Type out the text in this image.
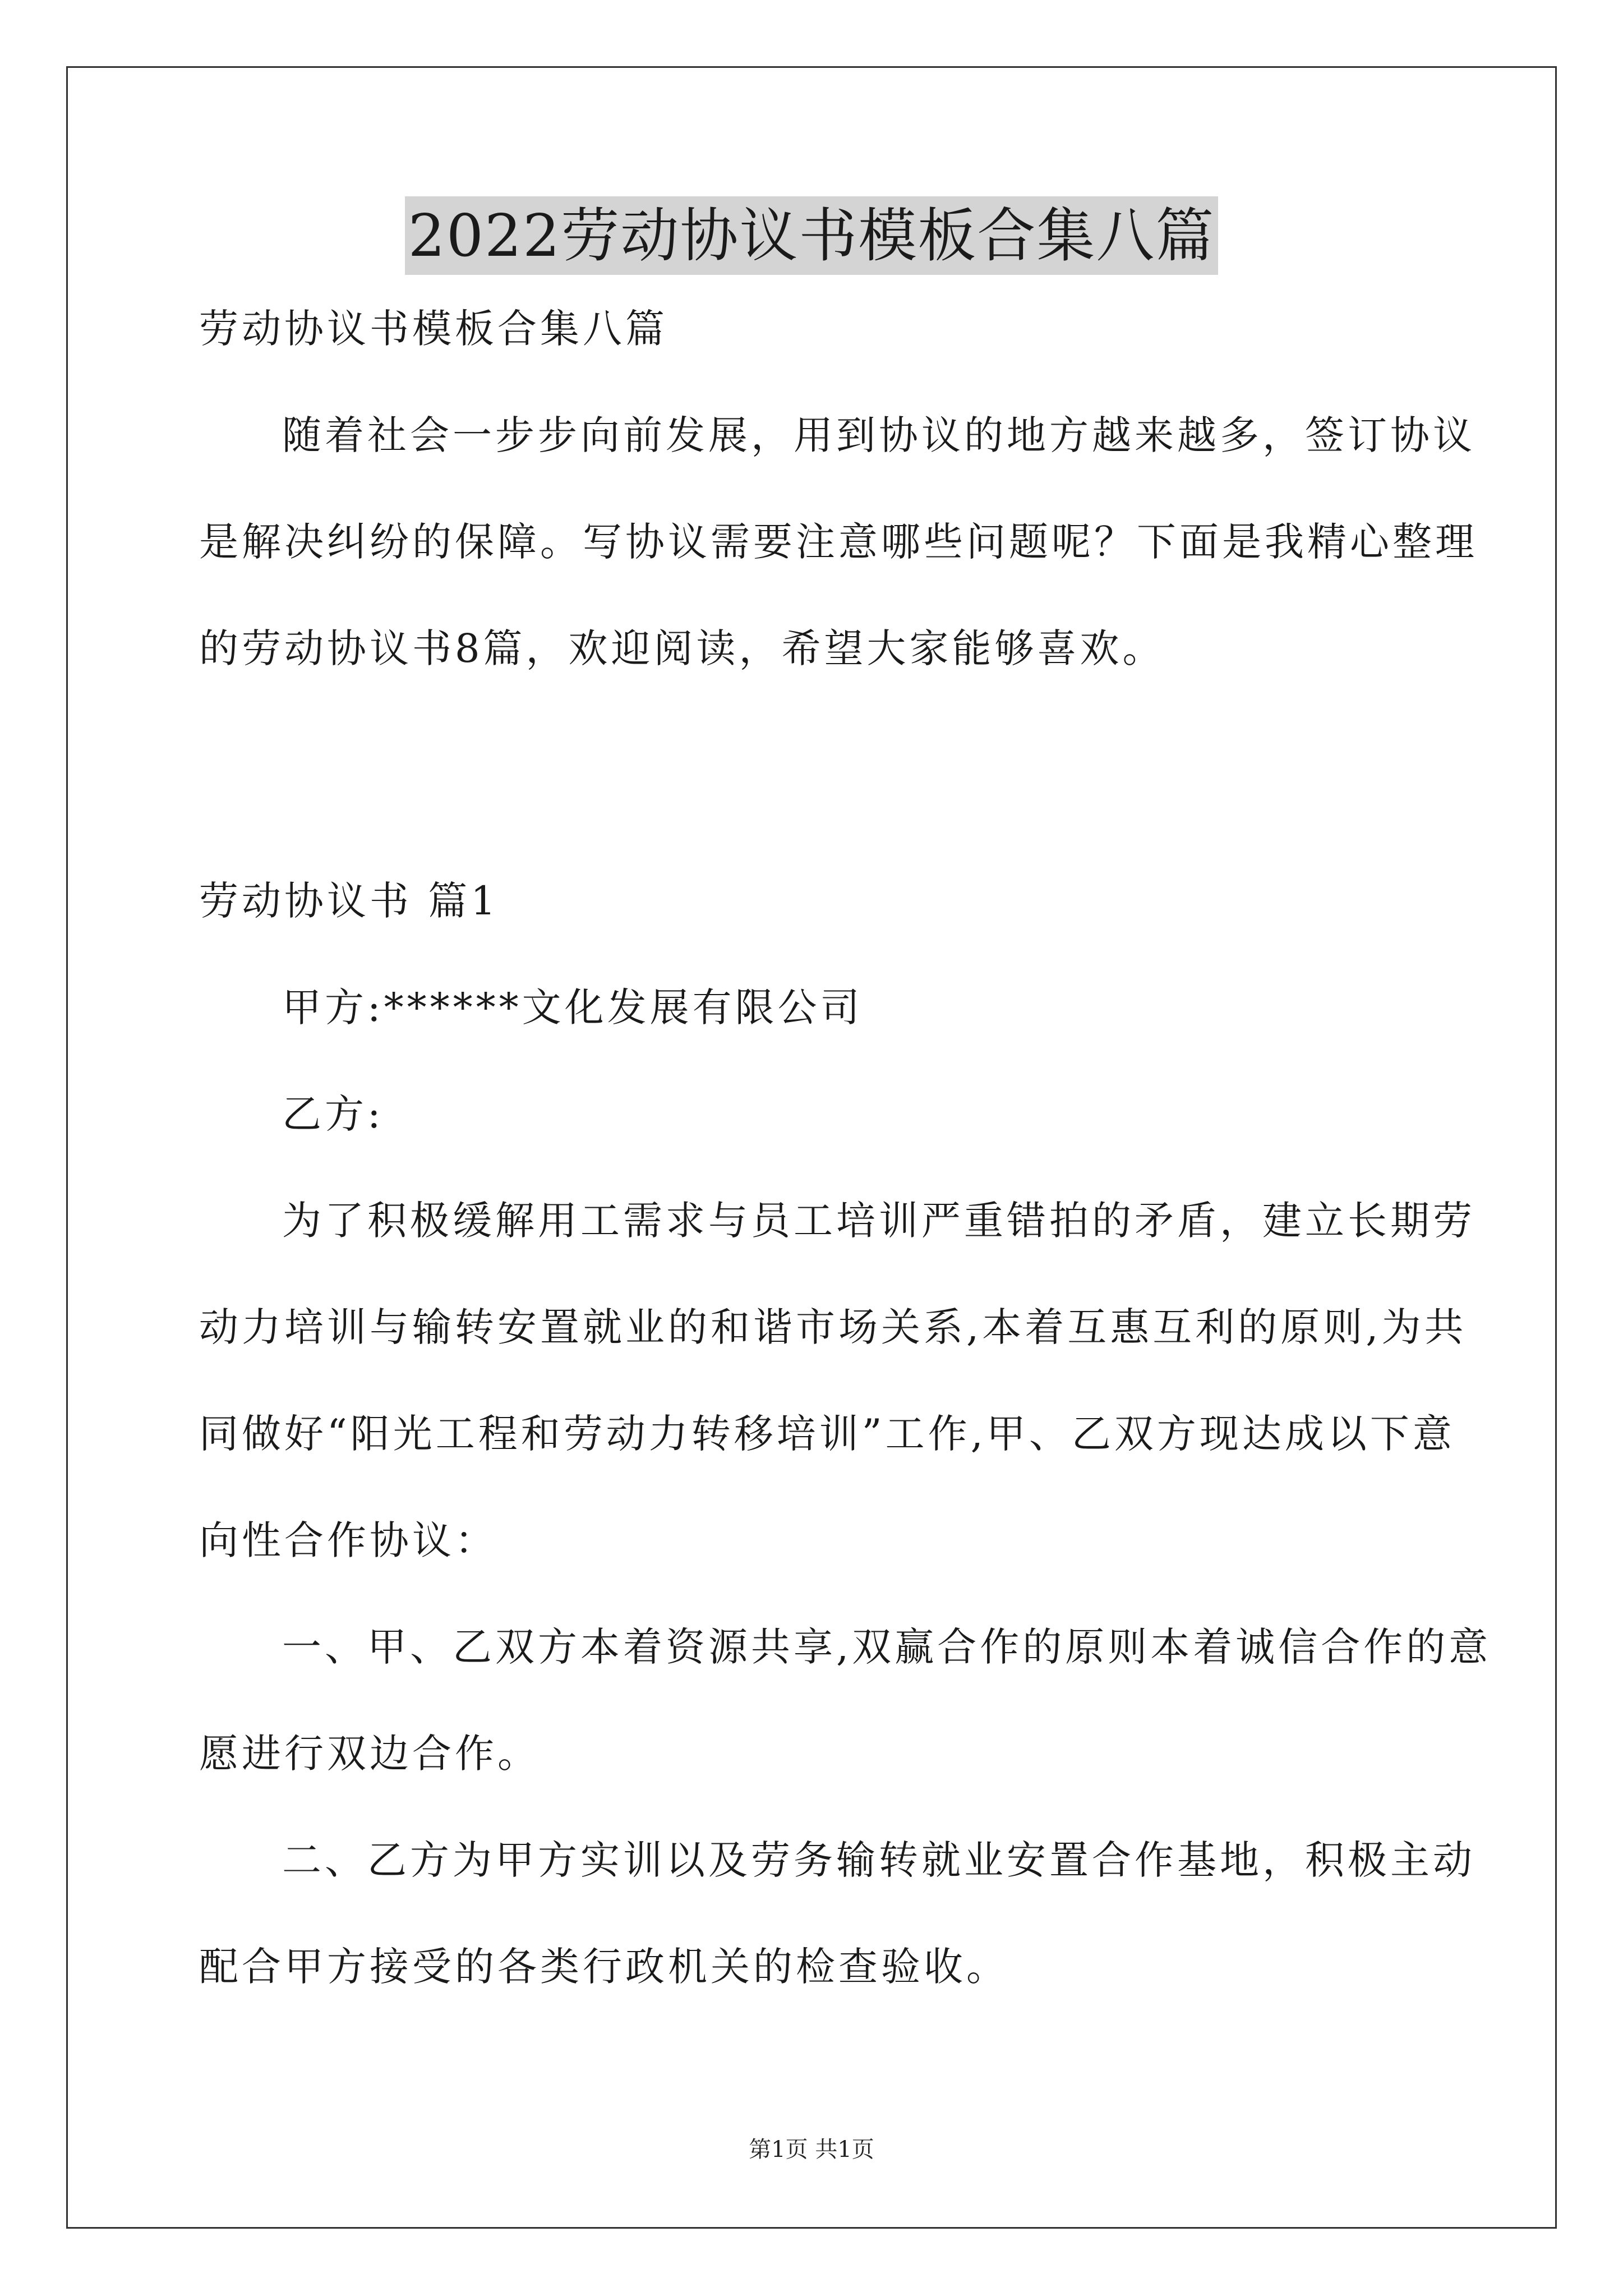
2022劳动协议书模板合集八篇
劳动协议书模板合集八篇
随着社会一步步向前发展，用到协议的地方越来越多，签订协议
是解决纠纷的保障。写协议需要注意哪些问题呢？下面是我精心整理
的劳动协议书8篇，欢迎阅读，希望大家能够喜欢。
劳动协议书 篇1
甲方:******文化发展有限公司
乙方:
为了积极缓解用工需求与员工培训严重错拍的矛盾，建立长期劳
动力培训与输转安置就业的和谐市场关系,本着互惠互利的原则,为共
同做好“阳光工程和劳动力转移培训”工作,甲、乙双方现达成以下意
向性合作协议：
一、甲、乙双方本着资源共享,双赢合作的原则本着诚信合作的意
愿进行双边合作。
二、乙方为甲方实训以及劳务输转就业安置合作基地，积极主动
配合甲方接受的各类行政机关的检查验收。
第1页 共1页
